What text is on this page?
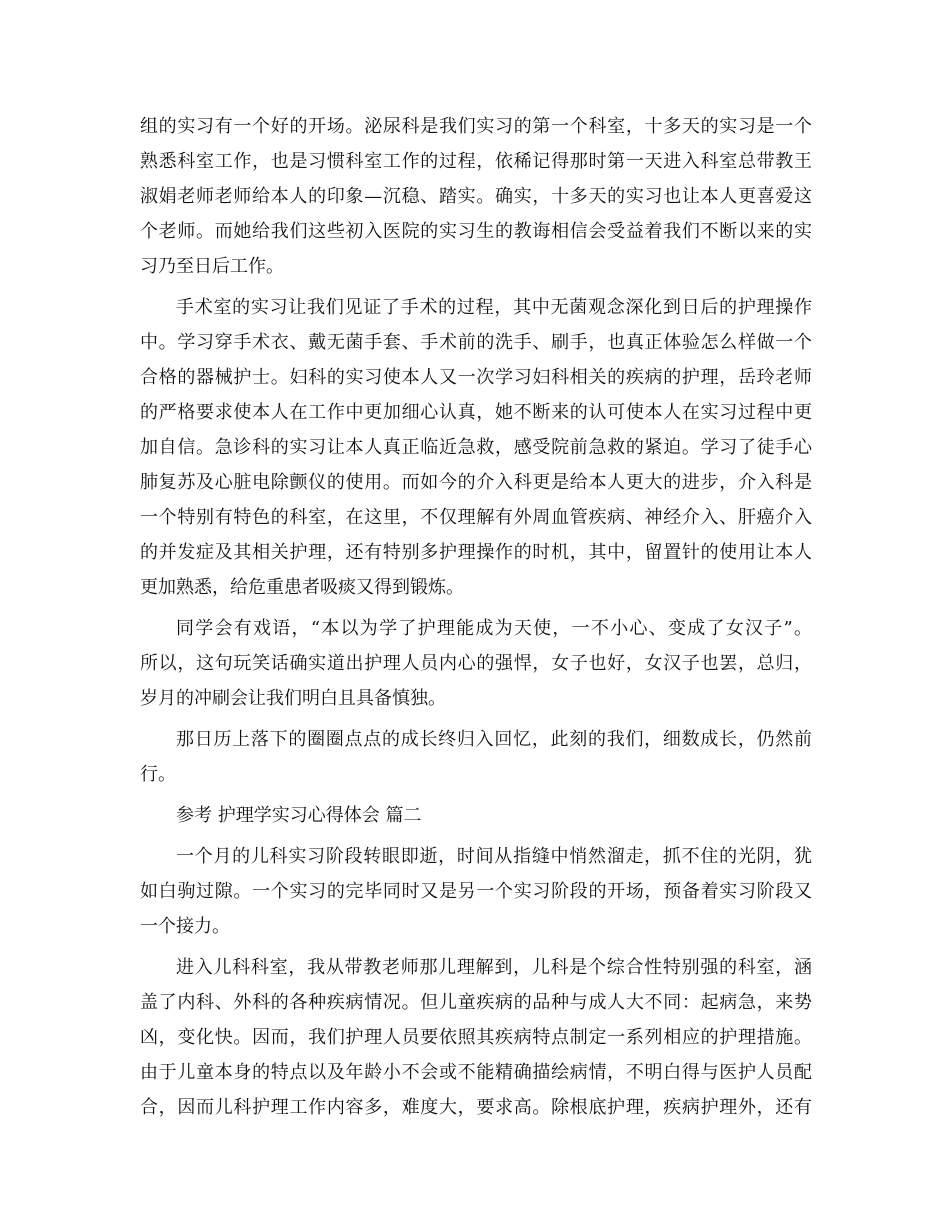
组的实习有一个好的开场。泌尿科是我们实习的第一个科室，十多天的实习是一个
熟悉科室工作，也是习惯科室工作的过程，依稀记得那时第一天进入科室总带教王
淑娟老师老师给本人的印象—沉稳、踏实。确实，十多天的实习也让本人更喜爱这
个老师。而她给我们这些初入医院的实习生的教诲相信会受益着我们不断以来的实
习乃至日后工作。
手术室的实习让我们见证了手术的过程，其中无菌观念深化到日后的护理操作
中。学习穿手术衣、戴无菌手套、手术前的洗手、刷手，也真正体验怎么样做一个
合格的器械护士。妇科的实习使本人又一次学习妇科相关的疾病的护理，岳玲老师
的严格要求使本人在工作中更加细心认真，她不断来的认可使本人在实习过程中更
加自信。急诊科的实习让本人真正临近急救，感受院前急救的紧迫。学习了徒手心
肺复苏及心脏电除颤仪的使用。而如今的介入科更是给本人更大的进步，介入科是
一个特别有特色的科室，在这里，不仅理解有外周血管疾病、神经介入、肝癌介入
的并发症及其相关护理，还有特别多护理操作的时机，其中，留置针的使用让本人
更加熟悉，给危重患者吸痰又得到锻炼。
同学会有戏语，“本以为学了护理能成为天使，一不小心、变成了女汉子”。
所以，这句玩笑话确实道出护理人员内心的强悍，女子也好，女汉子也罢，总归，
岁月的冲刷会让我们明白且具备慎独。
那日历上落下的圈圈点点的成长终归入回忆，此刻的我们，细数成长，仍然前
行。
参考 护理学实习心得体会 篇二
一个月的儿科实习阶段转眼即逝，时间从指缝中悄然溜走，抓不住的光阴，犹
如白驹过隙。一个实习的完毕同时又是另一个实习阶段的开场，预备着实习阶段又
一个接力。
进入儿科科室，我从带教老师那儿理解到，儿科是个综合性特别强的科室，涵
盖了内科、外科的各种疾病情况。但儿童疾病的品种与成人大不同：起病急，来势
凶，变化快。因而，我们护理人员要依照其疾病特点制定一系列相应的护理措施。
由于儿童本身的特点以及年龄小不会或不能精确描绘病情，不明白得与医护人员配
合，因而儿科护理工作内容多，难度大，要求高。除根底护理，疾病护理外，还有
